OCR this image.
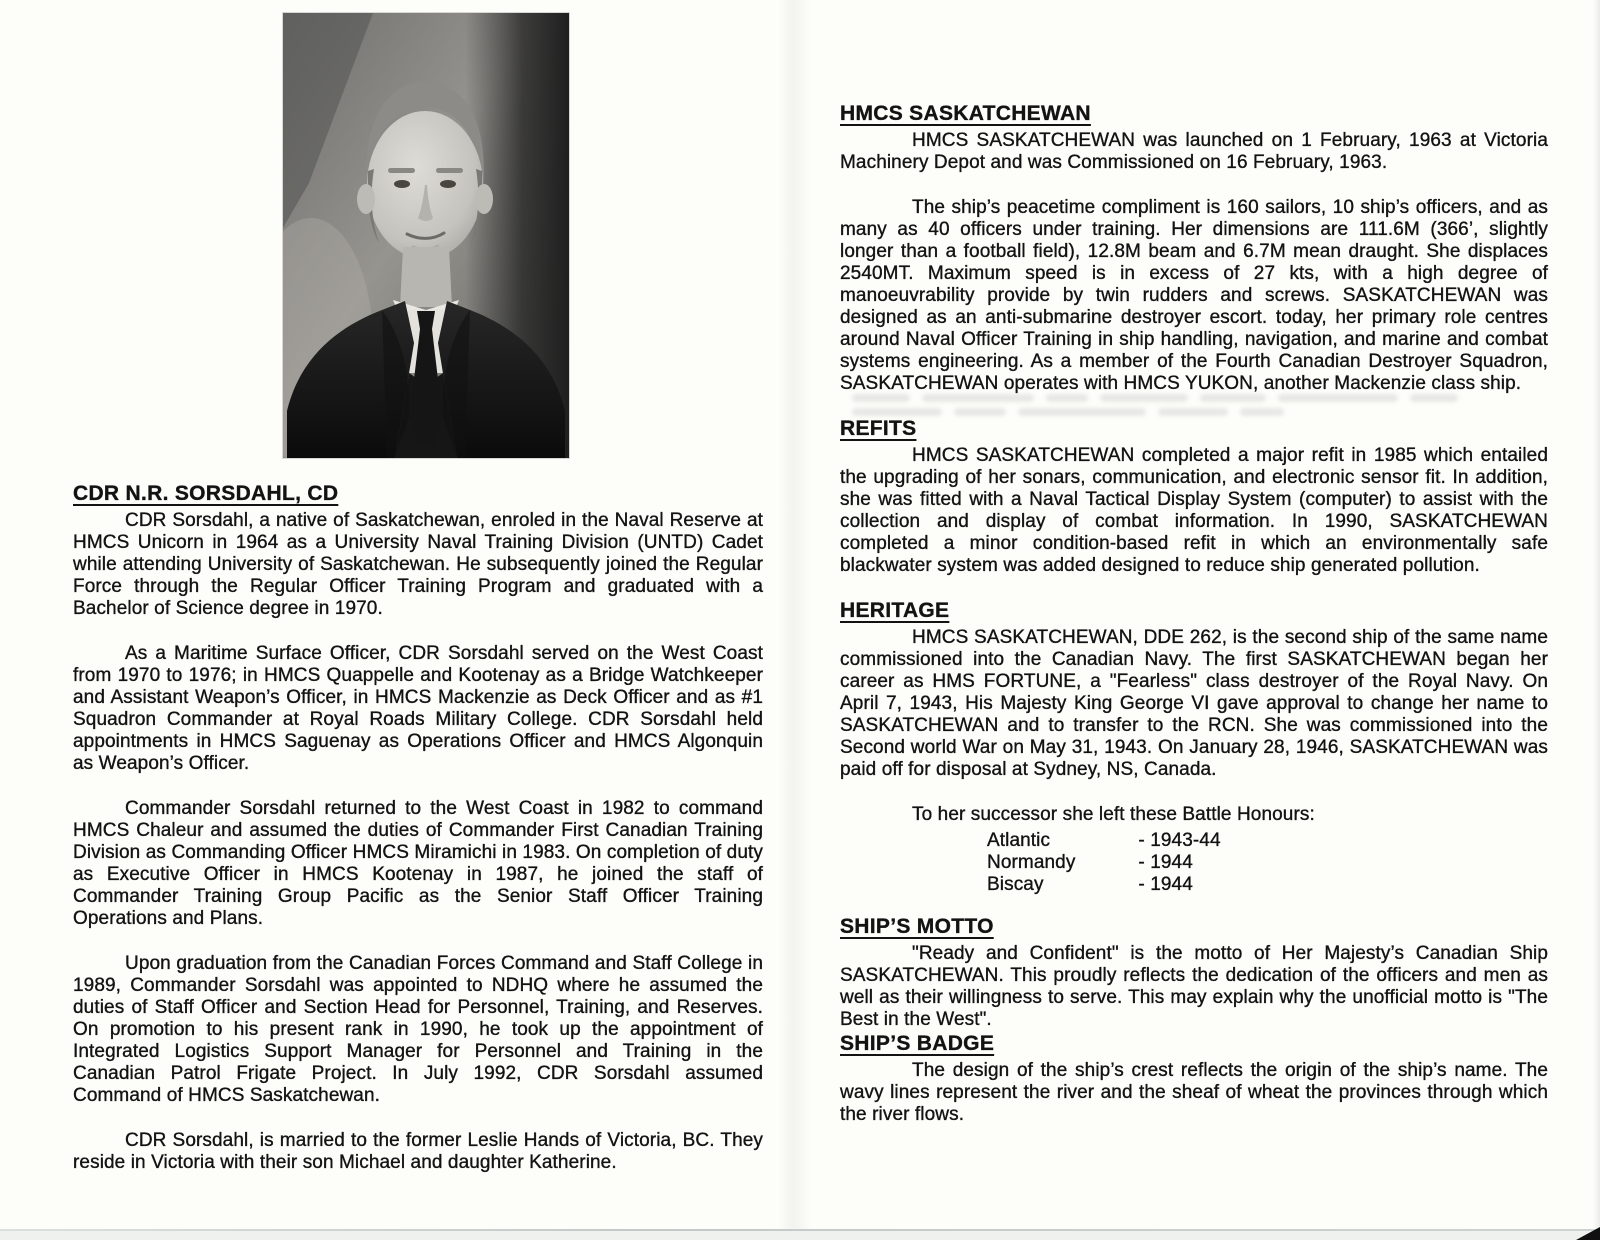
CDR N.R. SORSDAHL, CD

CDR Sorsdahl, a native of Saskatchewan, enroled in the Naval Reserve at HMCS Unicorn in 1964 as a University Naval Training Division (UNTD) Cadet while attending University of Saskatchewan. He subsequently joined the Regular Force through the Regular Officer Training Program and graduated with a Bachelor of Science degree in 1970.

As a Maritime Surface Officer, CDR Sorsdahl served on the West Coast from 1970 to 1976; in HMCS Quappelle and Kootenay as a Bridge Watchkeeper and Assistant Weapon’s Officer, in HMCS Mackenzie as Deck Officer and as #1 Squadron Commander at Royal Roads Military College. CDR Sorsdahl held appointments in HMCS Saguenay as Operations Officer and HMCS Algonquin as Weapon’s Officer.

Commander Sorsdahl returned to the West Coast in 1982 to command HMCS Chaleur and assumed the duties of Commander First Canadian Training Division as Commanding Officer HMCS Miramichi in 1983. On completion of duty as Executive Officer in HMCS Kootenay in 1987, he joined the staff of Commander Training Group Pacific as the Senior Staff Officer Training Operations and Plans.

Upon graduation from the Canadian Forces Command and Staff College in 1989, Commander Sorsdahl was appointed to NDHQ where he assumed the duties of Staff Officer and Section Head for Personnel, Training, and Reserves. On promotion to his present rank in 1990, he took up the appointment of Integrated Logistics Support Manager for Personnel and Training in the Canadian Patrol Frigate Project. In July 1992, CDR Sorsdahl assumed Command of HMCS Saskatchewan.

CDR Sorsdahl, is married to the former Leslie Hands of Victoria, BC. They reside in Victoria with their son Michael and daughter Katherine.

HMCS SASKATCHEWAN

HMCS SASKATCHEWAN was launched on 1 February, 1963 at Victoria Machinery Depot and was Commissioned on 16 February, 1963.

The ship’s peacetime compliment is 160 sailors, 10 ship’s officers, and as many as 40 officers under training. Her dimensions are 111.6M (366’, slightly longer than a football field), 12.8M beam and 6.7M mean draught. She displaces 2540MT. Maximum speed is in excess of 27 kts, with a high degree of manoeuvrability provide by twin rudders and screws. SASKATCHEWAN was designed as an anti-submarine destroyer escort. today, her primary role centres around Naval Officer Training in ship handling, navigation, and marine and combat systems engineering. As a member of the Fourth Canadian Destroyer Squadron, SASKATCHEWAN operates with HMCS YUKON, another Mackenzie class ship.

REFITS

HMCS SASKATCHEWAN completed a major refit in 1985 which entailed the upgrading of her sonars, communication, and electronic sensor fit. In addition, she was fitted with a Naval Tactical Display System (computer) to assist with the collection and display of combat information. In 1990, SASKATCHEWAN completed a minor condition-based refit in which an environmentally safe blackwater system was added designed to reduce ship generated pollution.

HERITAGE

HMCS SASKATCHEWAN, DDE 262, is the second ship of the same name commissioned into the Canadian Navy. The first SASKATCHEWAN began her career as HMS FORTUNE, a "Fearless" class destroyer of the Royal Navy. On April 7, 1943, His Majesty King George VI gave approval to change her name to SASKATCHEWAN and to transfer to the RCN. She was commissioned into the Second world War on May 31, 1943. On January 28, 1946, SASKATCHEWAN was paid off for disposal at Sydney, NS, Canada.

To her successor she left these Battle Honours:

Atlantic	- 1943-44
Normandy	- 1944
Biscay	- 1944
SHIP’S MOTTO

"Ready and Confident" is the motto of Her Majesty’s Canadian Ship SASKATCHEWAN. This proudly reflects the dedication of the officers and men as well as their willingness to serve. This may explain why the unofficial motto is "The Best in the West".

SHIP’S BADGE

The design of the ship’s crest reflects the origin of the ship’s name. The wavy lines represent the river and the sheaf of wheat the provinces through which the river flows.
